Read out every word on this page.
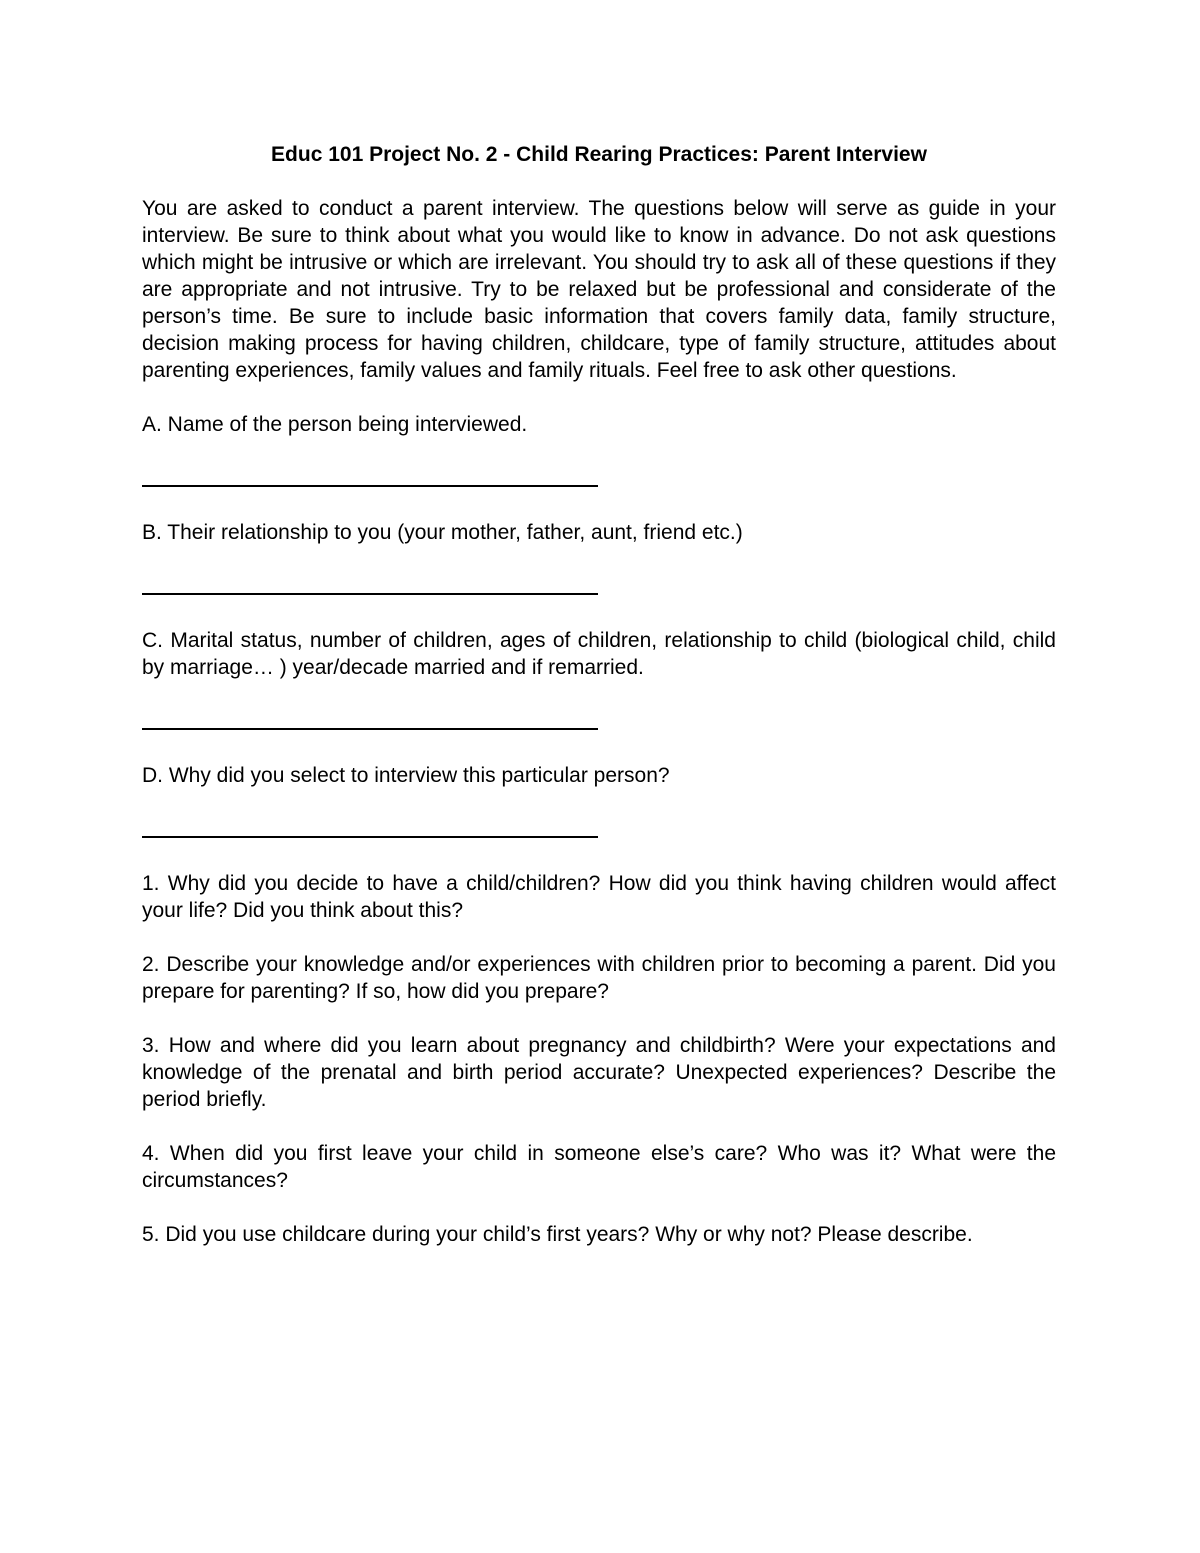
Educ 101 Project No. 2 - Child Rearing Practices: Parent Interview
You are asked to conduct a parent interview. The questions below will serve as guide in your interview. Be sure to think about what you would like to know in advance. Do not ask questions which might be intrusive or which are irrelevant. You should try to ask all of these questions if they are appropriate and not intrusive. Try to be relaxed but be professional and considerate of the person’s time. Be sure to include basic information that covers family data, family structure, decision making process for having children, childcare, type of family structure, attitudes about parenting experiences, family values and family rituals. Feel free to ask other questions.
A. Name of the person being interviewed.
B. Their relationship to you (your mother, father, aunt, friend etc.)
C. Marital status, number of children, ages of children, relationship to child (biological child, child by marriage… ) year/decade married and if remarried.
D. Why did you select to interview this particular person?
1. Why did you decide to have a child/children? How did you think having children would affect your life? Did you think about this?
2. Describe your knowledge and/or experiences with children prior to becoming a parent. Did you prepare for parenting? If so, how did you prepare?
3. How and where did you learn about pregnancy and childbirth? Were your expectations and knowledge of the prenatal and birth period accurate? Unexpected experiences? Describe the period briefly.
4. When did you first leave your child in someone else’s care? Who was it? What were the circumstances?
5. Did you use childcare during your child’s first years? Why or why not? Please describe.
